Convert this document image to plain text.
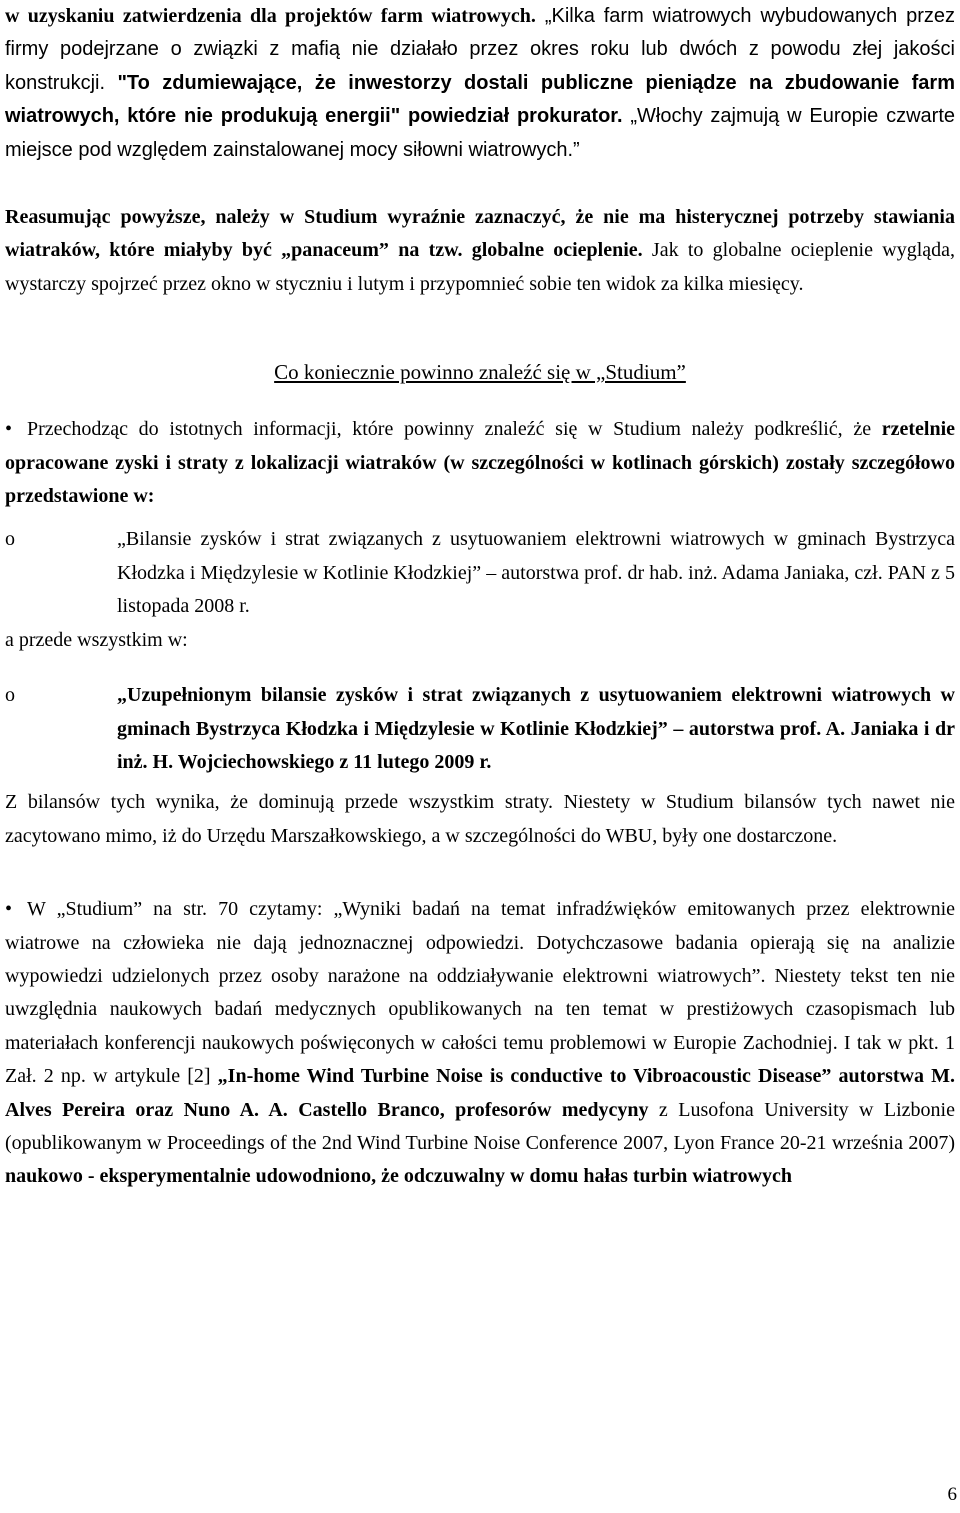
w uzyskaniu zatwierdzenia dla projektów farm wiatrowych. „Kilka farm wiatrowych wybudowanych przez firmy podejrzane o związki z mafią nie działało przez okres roku lub dwóch z powodu złej jakości konstrukcji. "To zdumiewające, że inwestorzy dostali publiczne pieniądze na zbudowanie farm wiatrowych, które nie produkują energii" powiedział prokurator. „Włochy zajmują w Europie czwarte miejsce pod względem zainstalowanej mocy siłowni wiatrowych.”

Reasumując powyższe, należy w Studium wyraźnie zaznaczyć, że nie ma histerycznej potrzeby stawiania wiatraków, które miałyby być „panaceum” na tzw. globalne ocieplenie. Jak to globalne ocieplenie wygląda, wystarczy spojrzeć przez okno w styczniu i lutym i przypomnieć sobie ten widok za kilka miesięcy.

Co koniecznie powinno znaleźć się w „Studium”

• Przechodząc do istotnych informacji, które powinny znaleźć się w Studium należy podkreślić, że rzetelnie opracowane zyski i straty z lokalizacji wiatraków (w szczególności w kotlinach górskich) zostały szczegółowo przedstawione w:

o	„Bilansie zysków i strat związanych z usytuowaniem elektrowni wiatrowych w gminach Bystrzyca Kłodzka i Międzylesie w Kotlinie Kłodzkiej” – autorstwa prof. dr hab. inż. Adama Janiaka, czł. PAN z 5 listopada 2008 r.

a przede wszystkim w:

o	„Uzupełnionym bilansie zysków i strat związanych z usytuowaniem elektrowni wiatrowych w gminach Bystrzyca Kłodzka i Międzylesie w Kotlinie Kłodzkiej” – autorstwa prof. A. Janiaka i dr inż. H. Wojciechowskiego z 11 lutego 2009 r.

Z bilansów tych wynika, że dominują przede wszystkim straty. Niestety w Studium bilansów tych nawet nie zacytowano mimo, iż do Urzędu Marszałkowskiego, a w szczególności do WBU, były one dostarczone.

• W „Studium” na str. 70 czytamy: „Wyniki badań na temat infradźwięków emitowanych przez elektrownie wiatrowe na człowieka nie dają jednoznacznej odpowiedzi. Dotychczasowe badania opierają się na analizie wypowiedzi udzielonych przez osoby narażone na oddziaływanie elektrowni wiatrowych”. Niestety tekst ten nie uwzględnia naukowych badań medycznych opublikowanych na ten temat w prestiżowych czasopismach lub materiałach konferencji naukowych poświęconych w całości temu problemowi w Europie Zachodniej. I tak w pkt. 1 Zał. 2 np. w artykule [2] „In-home Wind Turbine Noise is conductive to Vibroacoustic Disease” autorstwa M. Alves Pereira oraz Nuno A. A. Castello Branco, profesorów medycyny z Lusofona University w Lizbonie (opublikowanym w Proceedings of the 2nd Wind Turbine Noise Conference 2007, Lyon France 20-21 września 2007) naukowo - eksperymentalnie udowodniono, że odczuwalny w domu hałas turbin wiatrowych

6
